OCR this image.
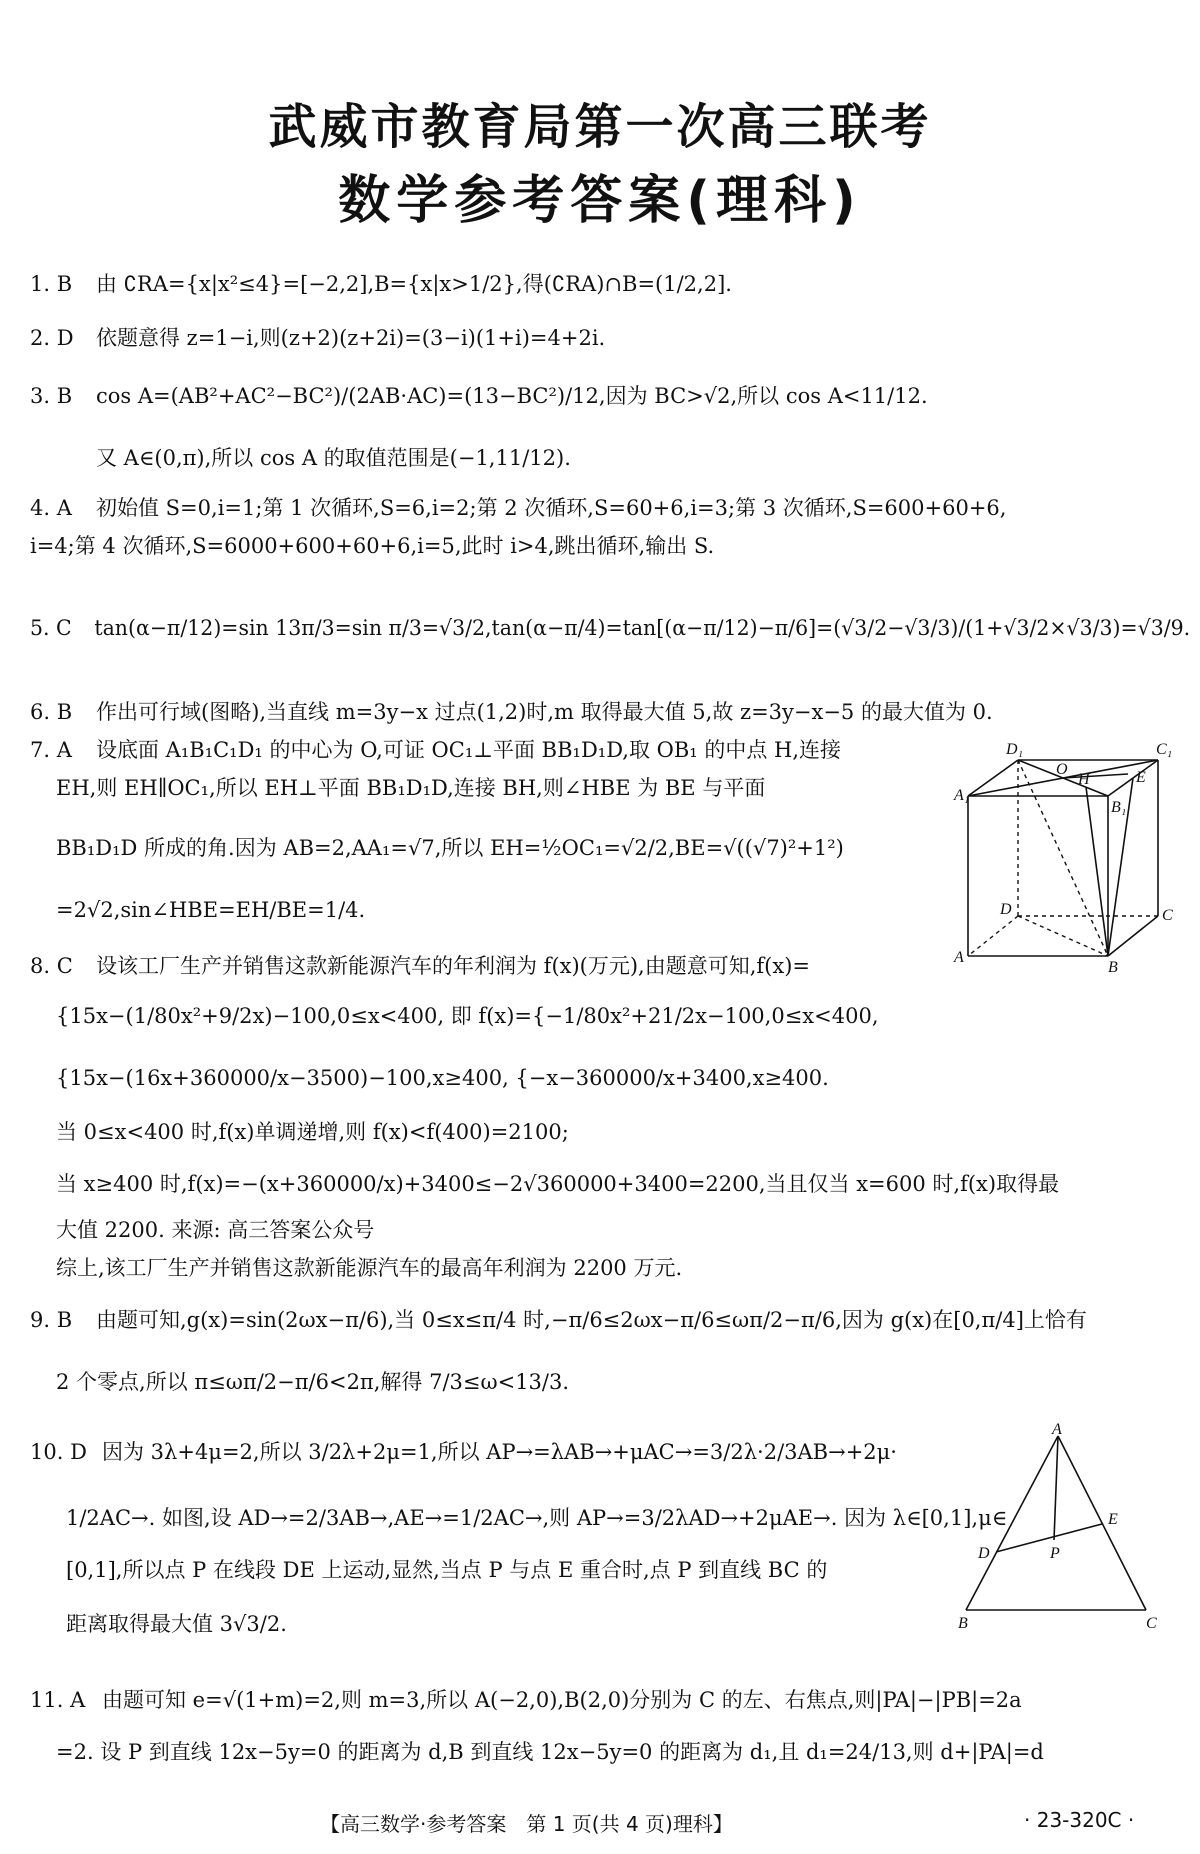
武威市教育局第一次高三联考
数学参考答案(理科)
1. B 由 ∁RA={x|x²≤4}=[−2,2],B={x|x>1/2},得(∁RA)∩B=(1/2,2].
2. D 依题意得 z=1−i,则(z+2)(z+2i)=(3−i)(1+i)=4+2i.
3. B cos A=(AB²+AC²−BC²)/(2AB·AC)=(13−BC²)/12,因为 BC>√2,所以 cos A<11/12.
又 A∈(0,π),所以 cos A 的取值范围是(−1,11/12).
4. A 初始值 S=0,i=1;第 1 次循环,S=6,i=2;第 2 次循环,S=60+6,i=3;第 3 次循环,S=600+60+6,
i=4;第 4 次循环,S=6000+600+60+6,i=5,此时 i>4,跳出循环,输出 S.
5. C tan(α−π/12)=sin 13π/3=sin π/3=√3/2,tan(α−π/4)=tan[(α−π/12)−π/6]=(√3/2−√3/3)/(1+√3/2×√3/3)=√3/9.
6. B 作出可行域(图略),当直线 m=3y−x 过点(1,2)时,m 取得最大值 5,故 z=3y−x−5 的最大值为 0.
7. A 设底面 A₁B₁C₁D₁ 的中心为 O,可证 OC₁⊥平面 BB₁D₁D,取 OB₁ 的中点 H,连接
EH,则 EH∥OC₁,所以 EH⊥平面 BB₁D₁D,连接 BH,则∠HBE 为 BE 与平面
BB₁D₁D 所成的角.因为 AB=2,AA₁=√7,所以 EH=½OC₁=√2/2,BE=√((√7)²+1²)
=2√2,sin∠HBE=EH/BE=1/4.
D₁
O
C₁
A₁
H	E
B₁
D	C
A
B
8. C 设该工厂生产并销售这款新能源汽车的年利润为 f(x)(万元),由题意可知,f(x)=
{15x−(1/80x²+9/2x)−100,0≤x<400, 即 f(x)={−1/80x²+21/2x−100,0≤x<400,
{15x−(16x+360000/x−3500)−100,x≥400, {−x−360000/x+3400,x≥400.
当 0≤x<400 时,f(x)单调递增,则 f(x)<f(400)=2100;
当 x≥400 时,f(x)=−(x+360000/x)+3400≤−2√360000+3400=2200,当且仅当 x=600 时,f(x)取得最
大值 2200. 来源: 高三答案公众号
综上,该工厂生产并销售这款新能源汽车的最高年利润为 2200 万元.
9. B 由题可知,g(x)=sin(2ωx−π/6),当 0≤x≤π/4 时,−π/6≤2ωx−π/6≤ωπ/2−π/6,因为 g(x)在[0,π/4]上恰有
2 个零点,所以 π≤ωπ/2−π/6<2π,解得 7/3≤ω<13/3.
10. D 因为 3λ+4μ=2,所以 3/2λ+2μ=1,所以 AP→=λAB→+μAC→=3/2λ·2/3AB→+2μ·
1/2AC→. 如图,设 AD→=2/3AB→,AE→=1/2AC→,则 AP→=3/2λAD→+2μAE→. 因为 λ∈[0,1],μ∈
[0,1],所以点 P 在线段 DE 上运动,显然,当点 P 与点 E 重合时,点 P 到直线 BC 的
距离取得最大值 3√3/2.
A
E
D	P
B	C
11. A 由题可知 e=√(1+m)=2,则 m=3,所以 A(−2,0),B(2,0)分别为 C 的左、右焦点,则|PA|−|PB|=2a
=2. 设 P 到直线 12x−5y=0 的距离为 d,B 到直线 12x−5y=0 的距离为 d₁,且 d₁=24/13,则 d+|PA|=d
【高三数学·参考答案　第 1 页(共 4 页)理科】	· 23-320C ·
